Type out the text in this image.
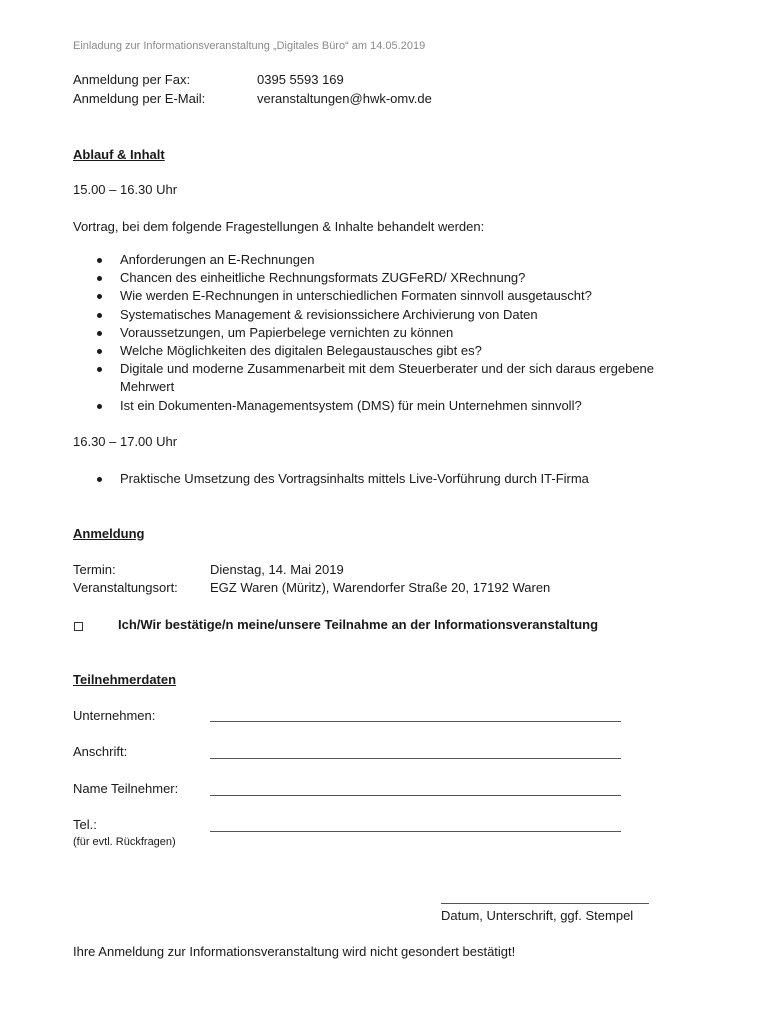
Einladung zur Informationsveranstaltung „Digitales Büro“ am 14.05.2019
Anmeldung per Fax:	0395 5593 169
Anmeldung per E-Mail:	veranstaltungen@hwk-omv.de
Ablauf & Inhalt
15.00 – 16.30 Uhr
Vortrag, bei dem folgende Fragestellungen & Inhalte behandelt werden:
Anforderungen an E-Rechnungen
Chancen des einheitliche Rechnungsformats ZUGFeRD/ XRechnung?
Wie werden E-Rechnungen in unterschiedlichen Formaten sinnvoll ausgetauscht?
Systematisches Management & revisionssichere Archivierung von Daten
Voraussetzungen, um Papierbelege vernichten zu können
Welche Möglichkeiten des digitalen Belegaustausches gibt es?
Digitale und moderne Zusammenarbeit mit dem Steuerberater und der sich daraus ergebene Mehrwert
Ist ein Dokumenten-Managementsystem (DMS) für mein Unternehmen sinnvoll?
16.30 – 17.00 Uhr
Praktische Umsetzung des Vortragsinhalts mittels Live-Vorführung durch IT-Firma
Anmeldung
Termin:	Dienstag, 14. Mai 2019
Veranstaltungsort: EGZ Waren (Müritz), Warendorfer Straße 20, 17192 Waren
Ich/Wir bestätige/n meine/unsere Teilnahme an der Informationsveranstaltung
Teilnehmerdaten
Unternehmen:
Anschrift:
Name Teilnehmer:
Tel.:
(für evtl. Rückfragen)
Datum, Unterschrift, ggf. Stempel
Ihre Anmeldung zur Informationsveranstaltung wird nicht gesondert bestätigt!
